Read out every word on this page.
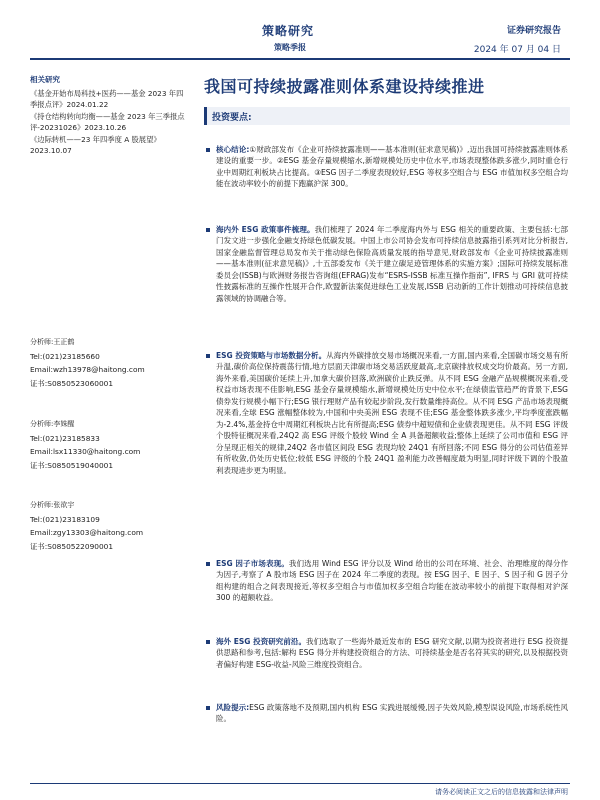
策略研究
策略季报
证券研究报告
2024 年 07 月 04 日
相关研究
《基金开始布局科技+医药——基金 2023 年四季报点评》2024.01.22
《持仓结构转向均衡——基金 2023 年三季报点评-20231026》2023.10.26
《边际转机——23 年四季度 A 股展望》2023.10.07
分析师:王正鹤
Tel:(021)23185660
Email:wzh13978@haitong.com
证书:S0850523060001
分析师:李姝醒
Tel:(021)23185833
Email:lsx11330@haitong.com
证书:S0850519040001
分析师:张欲宇
Tel:(021)23183109
Email:zgy13303@haitong.com
证书:S0850522090001
我国可持续披露准则体系建设持续推进
投资要点:
核心结论:①财政部发布《企业可持续披露准则——基本准则(征求意见稿)》,迈出我国可持续披露准则体系建设的重要一步。②ESG 基金存量规模缩水,新增规模处历史中位水平,市场表现整体跌多涨少,同时重仓行业中周期红利板块占比提高。③ESG 因子二季度表现较好,ESG 等权多空组合与 ESG 市值加权多空组合均能在波动率较小的前提下跑赢沪深 300。
海内外 ESG 政策事件梳理。我们梳理了 2024 年二季度海内外与 ESG 相关的重要政策、主要包括:七部门发文进一步强化金融支持绿色低碳发展。中国上市公司协会发布可持续信息披露指引系列对比分析报告,国家金融监督管理总局发布关于推动绿色保险高质量发展的指导意见,财政部发布《企业可持续披露准则——基本准则(征求意见稿)》,十五部委发布《关于建立碳足迹管理体系的实施方案》;国际可持续发展标准委员会(ISSB)与欧洲财务报告咨询组(EFRAG)发布“ESRS-ISSB 标准互操作指南”, IFRS 与 GRI 就可持续性披露标准的互操作性展开合作,欧盟新法案促进绿色工业发展,ISSB 启动新的工作计划推动可持续信息披露领域的协调融合等。
ESG 投资策略与市场数据分析。从海内外碳排放交易市场概况来看,一方面,国内来看,全国碳市场交易有所升温,碳价高位保持震荡行情,地方层面天津碳市场交易活跃度最高,北京碳排放权成交均价最高。另一方面,海外来看,美国碳价延续上升,加拿大碳价回落,欧洲碳价止跌反弹。从不同 ESG 金融产品规模概况来看,受权益市场表现不佳影响,ESG 基金存量规模缩水,新增规模处历史中位水平;在绿债监管趋严的背景下,ESG 债券发行规模小幅下行;ESG 银行理财产品有较起步阶段,发行数量维持高位。从不同 ESG 产品市场表现概况来看,全球 ESG 涨幅整体较为,中国和中央美洲 ESG 表现不佳;ESG 基金整体跌多涨少,平均季度涨跌幅为-2.4%,基金持仓中周期红利板块占比有所提高;ESG 债券中超短债和企业债表现更佳。从不同 ESG 评级个股特征概况来看,24Q2 高 ESG 评级个股较 Wind 全 A 具备超额收益;整体上延续了公司市值和 ESG 评分呈现正相关的规律,24Q2 各市值区间段 ESG 表现均较 24Q1 有所回落;不同 ESG 得分的公司估值差异有所收敛,仍处历史低位;较低 ESG 评级的个股 24Q1 盈利能力改善幅度最为明显,同时评级下调的个股盈利表现进步更为明显。
ESG 因子市场表现。我们选用 Wind ESG 评分以及 Wind 给出的公司在环境、社会、治理维度的得分作为因子,考察了 A 股市场 ESG 因子在 2024 年二季度的表现。按 ESG 因子、E 因子、S 因子和 G 因子分组构建的组合之间表现接近,等权多空组合与市值加权多空组合均能在波动率较小的前提下取得相对沪深 300 的超额收益。
海外 ESG 投资研究前沿。我们选取了一些海外最近发布的 ESG 研究文献,以期为投资者进行 ESG 投资提供思路和参考,包括:解构 ESG 得分并构建投资组合的方法、可持续基金是否名符其实的研究,以及根据投资者偏好构建 ESG-收益-风险三维度投资组合。
风险提示:ESG 政策落地不及预期,国内机构 ESG 实践进展缓慢,因子失效风险,模型误设风险,市场系统性风险。
请务必阅读正文之后的信息披露和法律声明
